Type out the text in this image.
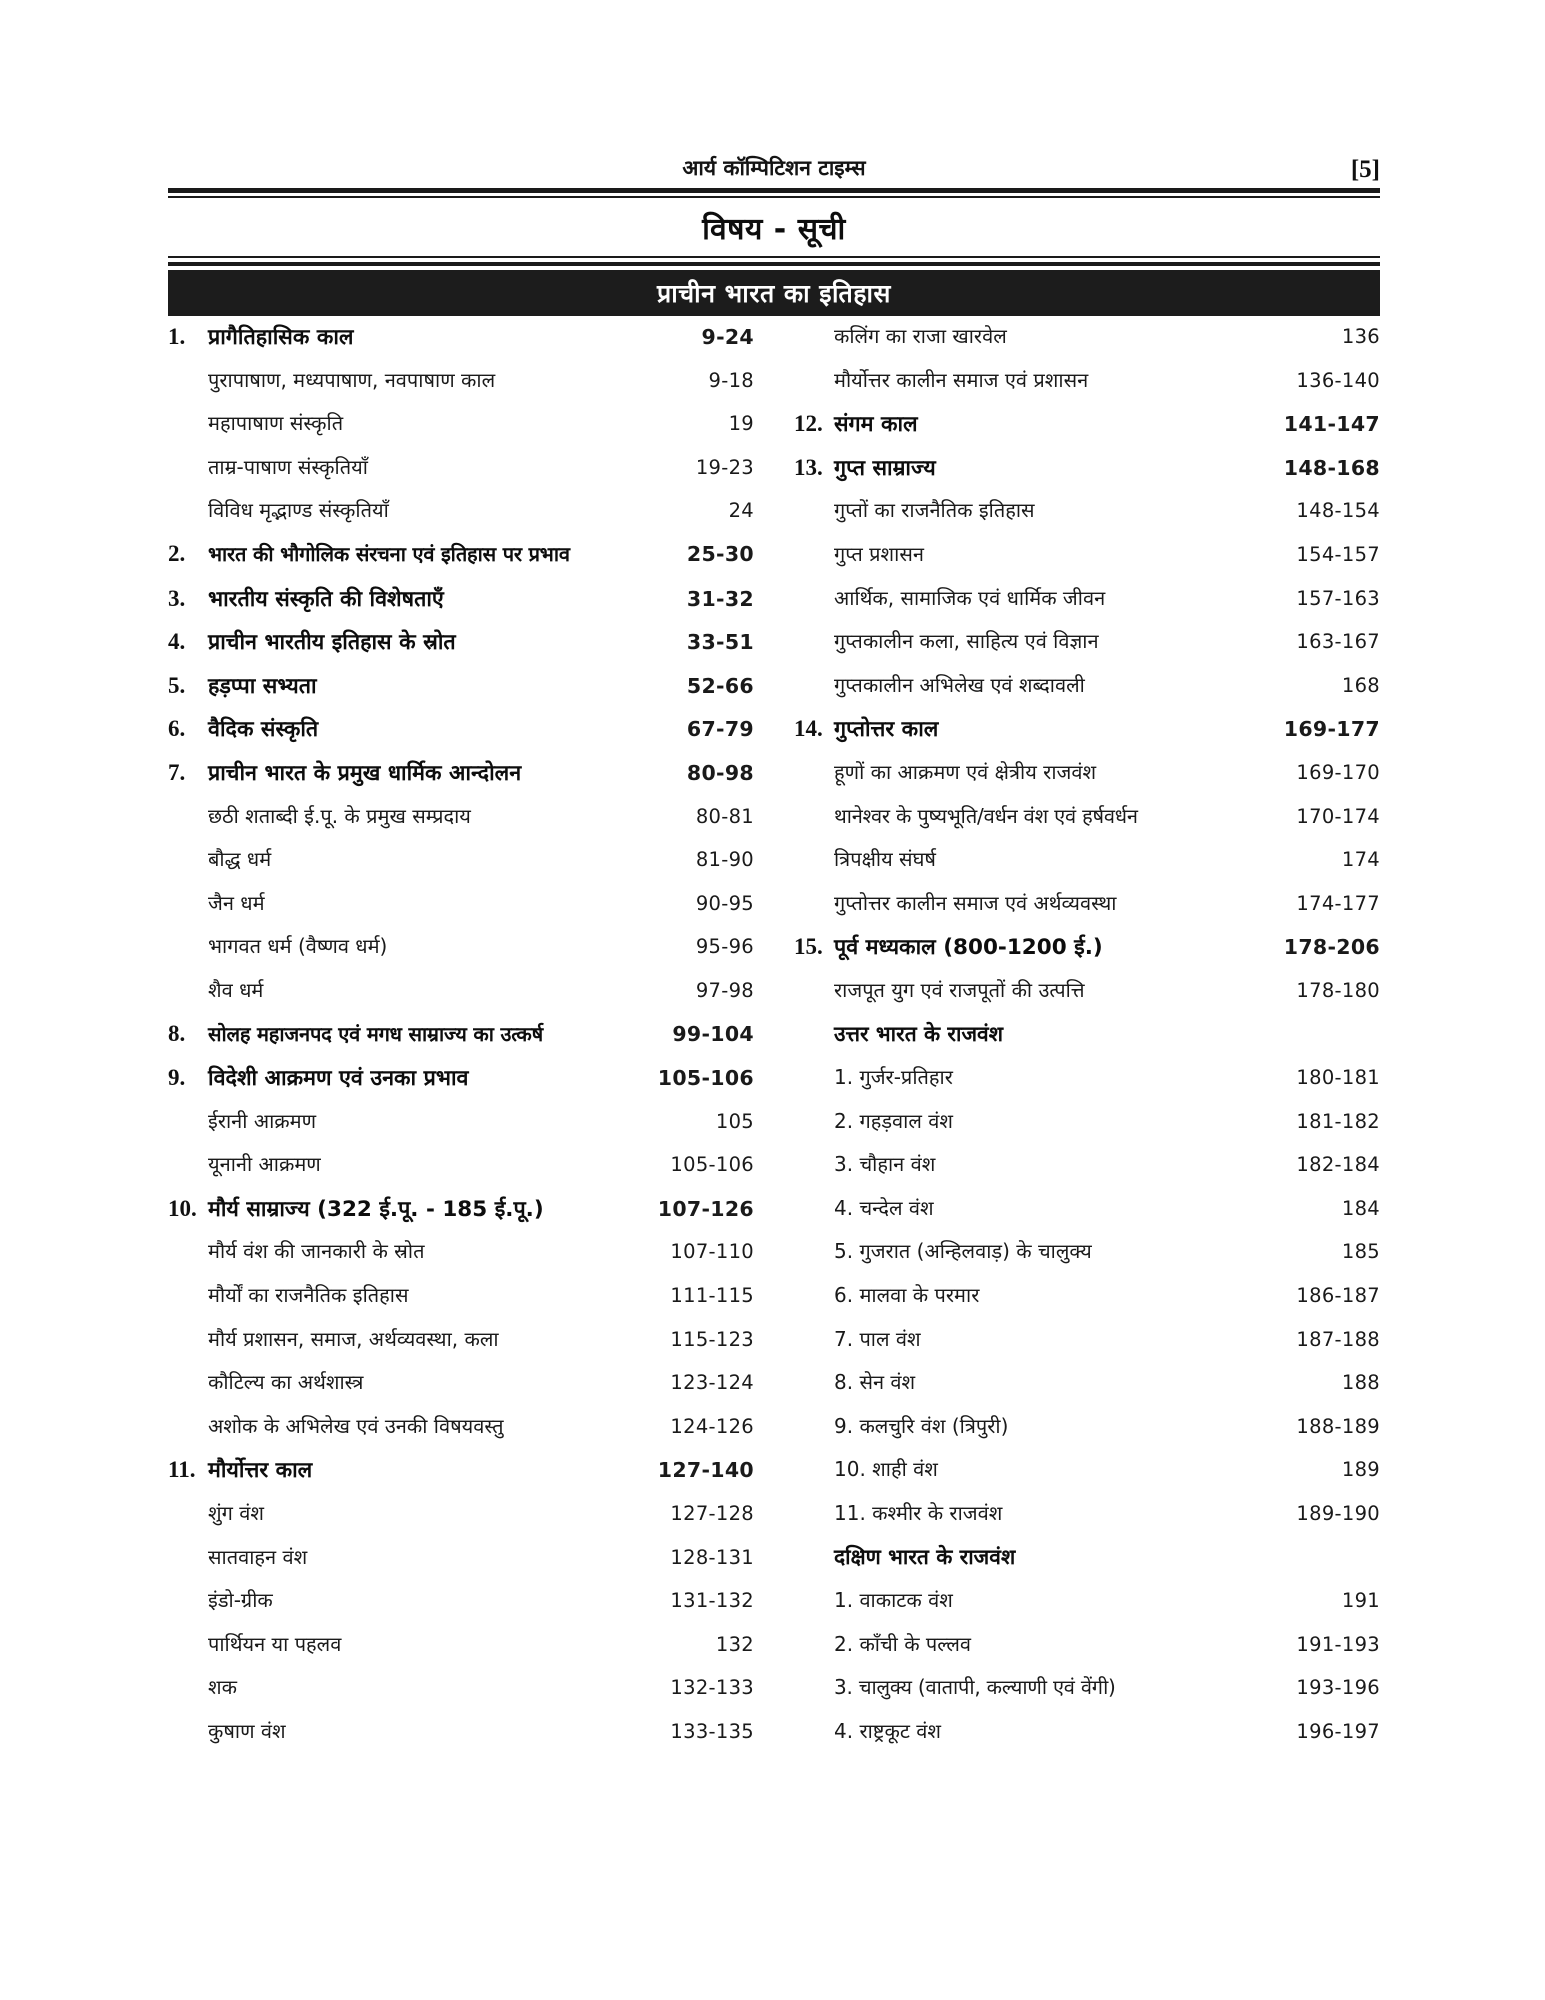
आर्य कॉम्पिटिशन टाइम्स	[5]
विषय - सूची
प्राचीन भारत का इतिहास
1.	प्रागैतिहासिक काल	9-24
पुरापाषाण, मध्यपाषाण, नवपाषाण काल	9-18
महापाषाण संस्कृति	19
ताम्र-पाषाण संस्कृतियाँ	19-23
विविध मृद्भाण्ड संस्कृतियाँ	24
2.	भारत की भौगोलिक संरचना एवं इतिहास पर प्रभाव	25-30
3.	भारतीय संस्कृति की विशेषताएँ	31-32
4.	प्राचीन भारतीय इतिहास के स्रोत	33-51
5.	हड़प्पा सभ्यता	52-66
6.	वैदिक संस्कृति	67-79
7.	प्राचीन भारत के प्रमुख धार्मिक आन्दोलन	80-98
छठी शताब्दी ई.पू. के प्रमुख सम्प्रदाय	80-81
बौद्ध धर्म	81-90
जैन धर्म	90-95
भागवत धर्म (वैष्णव धर्म)	95-96
शैव धर्म	97-98
8.	सोलह महाजनपद एवं मगध साम्राज्य का उत्कर्ष	99-104
9.	विदेशी आक्रमण एवं उनका प्रभाव	105-106
ईरानी आक्रमण	105
यूनानी आक्रमण	105-106
10. मौर्य साम्राज्य (322 ई.पू. - 185 ई.पू.)	107-126
मौर्य वंश की जानकारी के स्रोत	107-110
मौर्यों का राजनैतिक इतिहास	111-115
मौर्य प्रशासन, समाज, अर्थव्यवस्था, कला	115-123
कौटिल्य का अर्थशास्त्र	123-124
अशोक के अभिलेख एवं उनकी विषयवस्तु	124-126
11. मौर्योत्तर काल	127-140
शुंग वंश	127-128
सातवाहन वंश	128-131
इंडो-ग्रीक	131-132
पार्थियन या पहलव	132
शक	132-133
कुषाण वंश	133-135
कलिंग का राजा खारवेल	136
मौर्योत्तर कालीन समाज एवं प्रशासन	136-140
12. संगम काल	141-147
13. गुप्त साम्राज्य	148-168
गुप्तों का राजनैतिक इतिहास	148-154
गुप्त प्रशासन	154-157
आर्थिक, सामाजिक एवं धार्मिक जीवन	157-163
गुप्तकालीन कला, साहित्य एवं विज्ञान	163-167
गुप्तकालीन अभिलेख एवं शब्दावली	168
14. गुप्तोत्तर काल	169-177
हूणों का आक्रमण एवं क्षेत्रीय राजवंश	169-170
थानेश्वर के पुष्यभूति/वर्धन वंश एवं हर्षवर्धन	170-174
त्रिपक्षीय संघर्ष	174
गुप्तोत्तर कालीन समाज एवं अर्थव्यवस्था	174-177
15. पूर्व मध्यकाल (800-1200 ई.)	178-206
राजपूत युग एवं राजपूतों की उत्पत्ति	178-180
उत्तर भारत के राजवंश
1. गुर्जर-प्रतिहार	180-181
2. गहड़वाल वंश	181-182
3. चौहान वंश	182-184
4. चन्देल वंश	184
5. गुजरात (अन्हिलवाड़) के चालुक्य	185
6. मालवा के परमार	186-187
7. पाल वंश	187-188
8. सेन वंश	188
9. कलचुरि वंश (त्रिपुरी)	188-189
10. शाही वंश	189
11. कश्मीर के राजवंश	189-190
दक्षिण भारत के राजवंश
1. वाकाटक वंश	191
2. काँची के पल्लव	191-193
3. चालुक्य (वातापी, कल्याणी एवं वेंगी)	193-196
4. राष्ट्रकूट वंश	196-197
